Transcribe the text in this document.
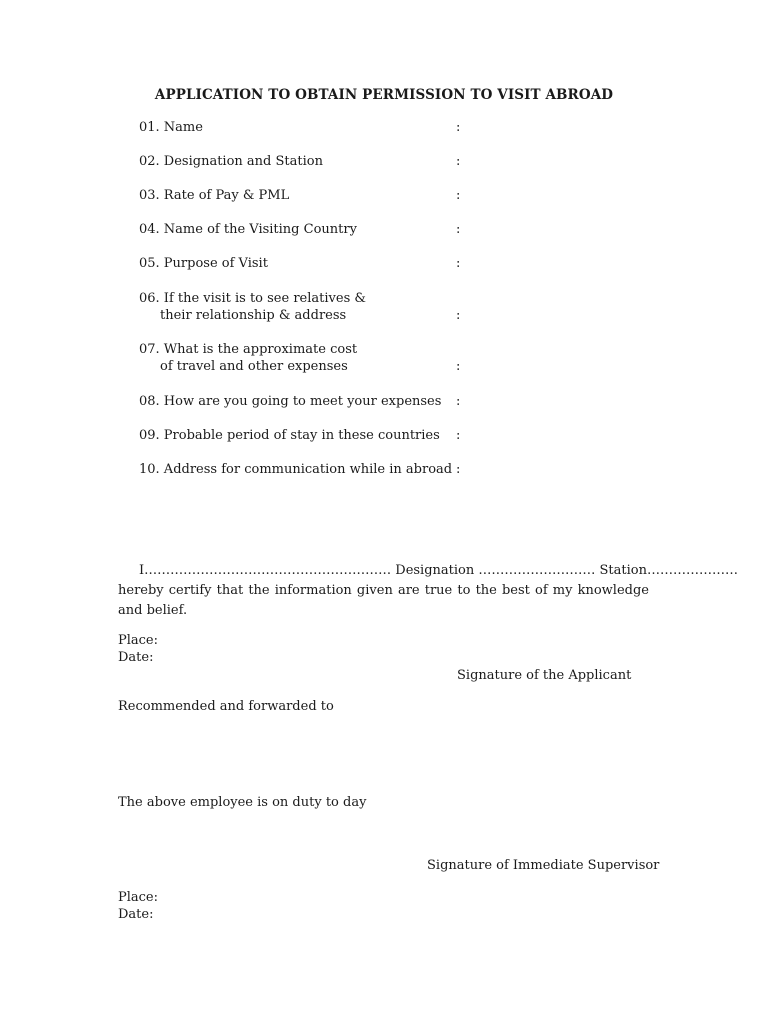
APPLICATION TO OBTAIN PERMISSION TO VISIT ABROAD
01. Name	:
02. Designation and Station	:
03. Rate of Pay & PML	:
04. Name of the Visiting Country	:
05. Purpose of Visit	:
06. If the visit is to see relatives &
their relationship & address	:
07. What is the approximate cost
of travel and other expenses	:
08. How are you going to meet your expenses :
09. Probable period of stay in these countries :
10. Address for communication while in abroad :
I………………………………………………… Designation ……………………… Station…………………
hereby certify that the information given are true to the best of my knowledge and belief.
Place:
Date:
Signature of the Applicant
Recommended and forwarded to
The above employee is on duty to day
Signature of Immediate Supervisor
Place:
Date:
